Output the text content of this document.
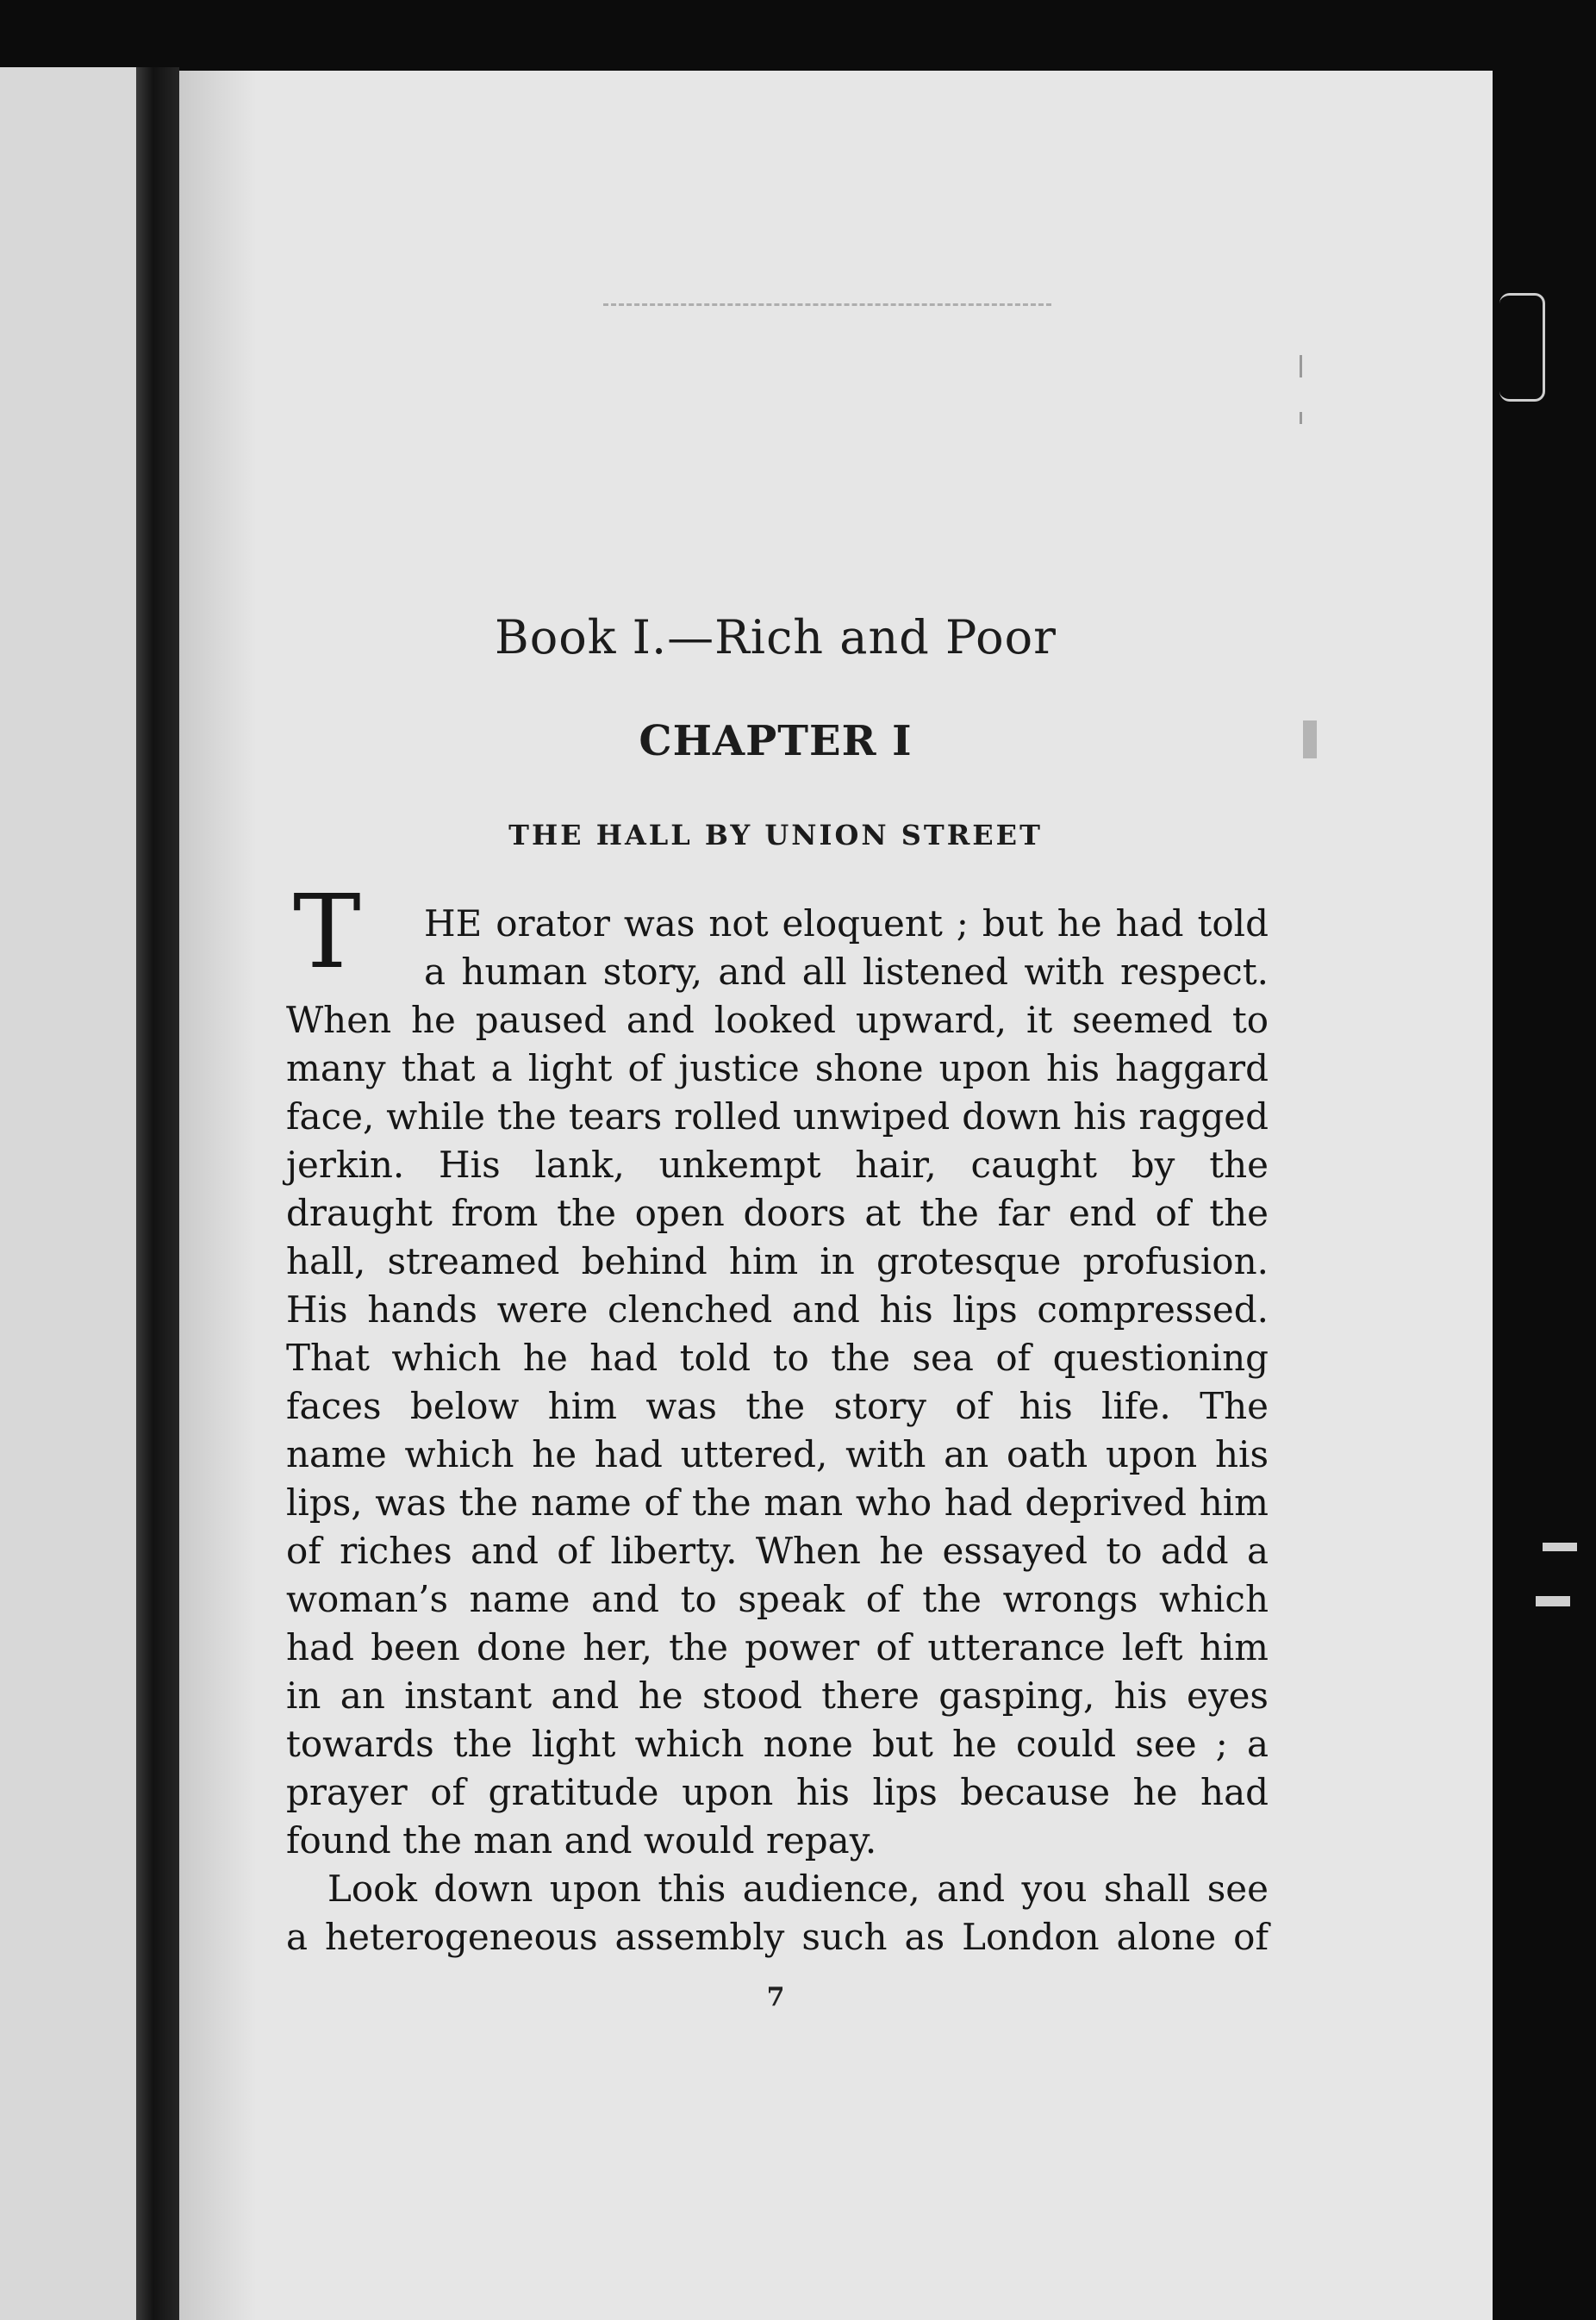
Book I.—Rich and Poor
CHAPTER I
THE HALL BY UNION STREET
T HE orator was not eloquent ; but he had told
a human story, and all listened with respect.
When he paused and looked upward, it seemed to
many that a light of justice shone upon his haggard
face, while the tears rolled unwiped down his ragged
jerkin. His lank, unkempt hair, caught by the
draught from the open doors at the far end of the
hall, streamed behind him in grotesque profusion.
His hands were clenched and his lips compressed.
That which he had told to the sea of questioning
faces below him was the story of his life. The
name which he had uttered, with an oath upon his
lips, was the name of the man who had deprived him
of riches and of liberty. When he essayed to add a
woman’s name and to speak of the wrongs which
had been done her, the power of utterance left him
in an instant and he stood there gasping, his eyes
towards the light which none but he could see ; a
prayer of gratitude upon his lips because he had
found the man and would repay.
Look down upon this audience, and you shall see
a heterogeneous assembly such as London alone of
7
